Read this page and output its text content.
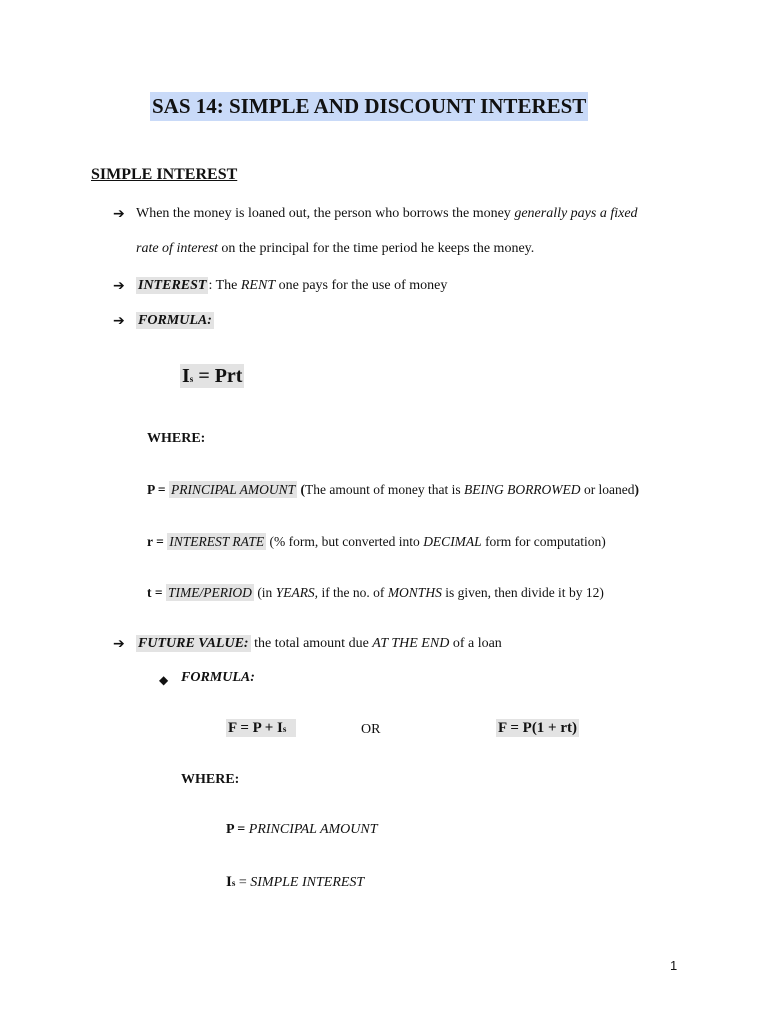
SAS 14: SIMPLE AND DISCOUNT INTEREST
SIMPLE INTEREST
➔ When the money is loaned out, the person who borrows the money generally pays a fixed
rate of interest on the principal for the time period he keeps the money.
➔ INTEREST : The RENT one pays for the use of money
➔ FORMULA:
Is = Prt
WHERE:
P = PRINCIPAL AMOUNT (The amount of money that is BEING BORROWED or loaned)
r = INTEREST RATE (% form, but converted into DECIMAL form for computation)
t = TIME/PERIOD (in YEARS, if the no. of MONTHS is given, then divide it by 12)
➔ FUTURE VALUE: the total amount due AT THE END of a loan
◆ FORMULA:
F = P + Is	OR	F = P(1 + rt)
WHERE:
P = PRINCIPAL AMOUNT
Is = SIMPLE INTEREST
1
